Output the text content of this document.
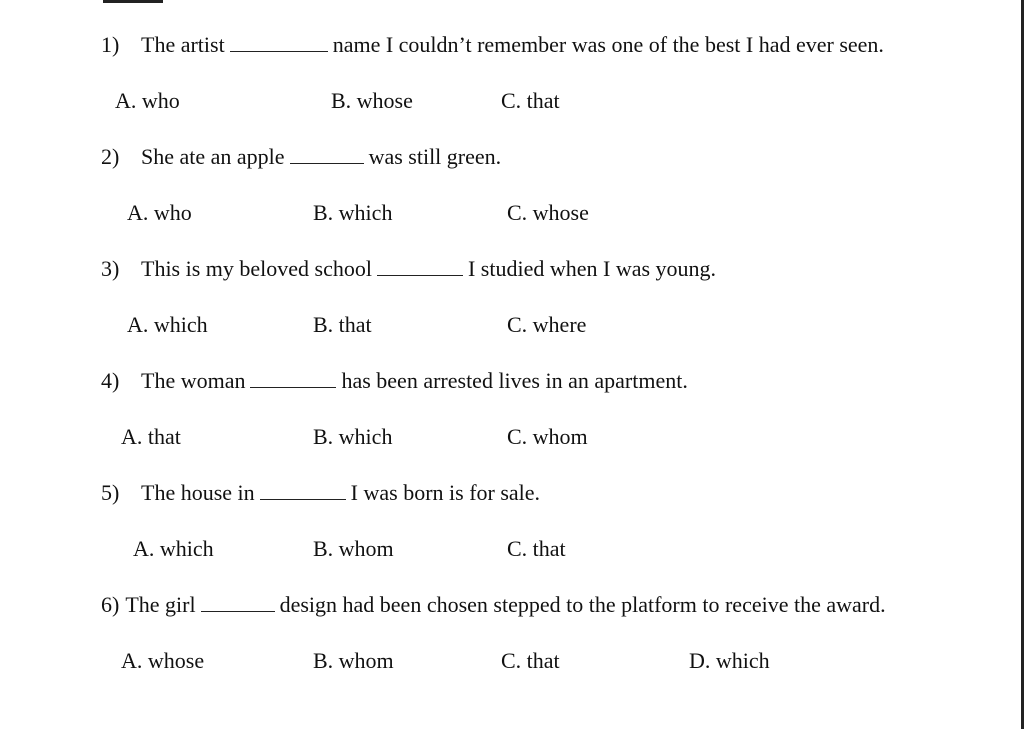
1) The artist	name I couldn’t remember was one of the best I had ever seen.
A. who	B. whose	C. that
2) She ate an apple	was still green.
A. who	B. which	C. whose
3) This is my beloved school	I studied when I was young.
A. which	B. that	C. where
4) The woman	has been arrested lives in an apartment.
A. that	B. which	C. whom
5) The house in	I was born is for sale.
A. which	B. whom	C. that
6) The girl	design had been chosen stepped to the platform to receive the award.
A. whose	B. whom	C. that	D. which
